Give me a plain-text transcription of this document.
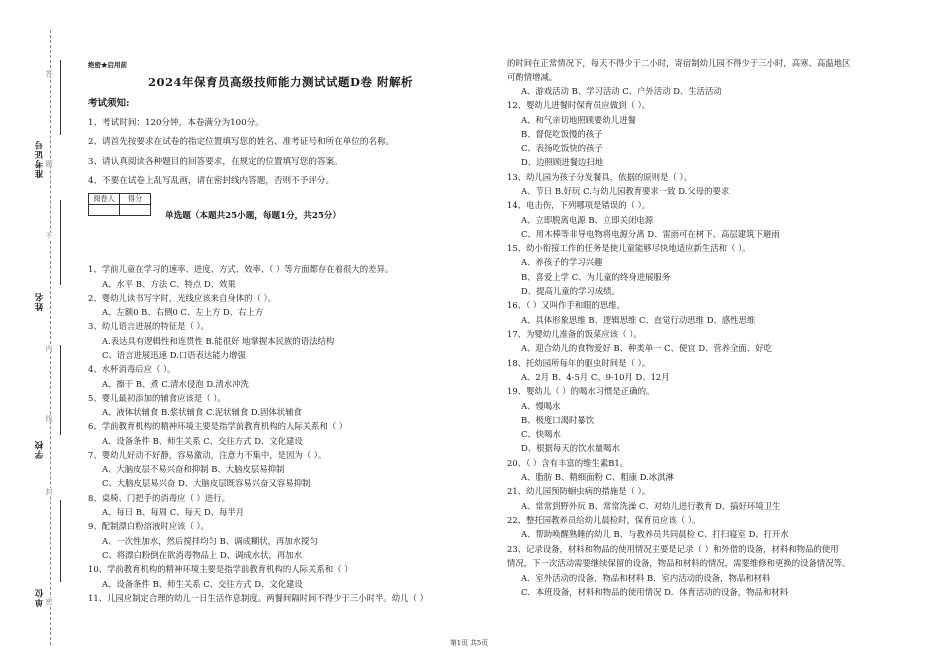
答
题
不
内
线
封
密
准考证号
姓名
学校
单位
绝密★启用前
2024年保育员高级技师能力测试试题D卷 附解析
考试须知:
1、考试时间：120分钟，本卷满分为100分。
2、请首先按要求在试卷的指定位置填写您的姓名、准考证号和所在单位的名称。
3、请认真阅读各种题目的回答要求，在规定的位置填写您的答案。
4、不要在试卷上乱写乱画，请在密封线内答题，否则不予评分。
阅卷人	得分

单选题（本题共25小题，每题1分，共25分）
1、学前儿童在学习的速率、进度、方式、效率、（ ）等方面都存在着很大的差异。
A、水平 B、方法 C、特点 D、效果
2、婴幼儿读书写字时，光线应该来自身体的（ ）。
A、左额0 B、右侧0 C、左上方 D、右上方
3、幼儿语言进展的特征是（ ）。
A.表达具有逻辑性和连贯性 B.能很好 地掌握本民族的语法结构
C、语言进展迅速 D.口语表达能力增强
4、水杯消毒后应（ ）。
A、擦干 B、煮 C.清水侵泡 D.清水冲洗
5、婴儿最初添加的辅食应该是（ ）。
A、液体状辅食 B.浆状辅食 C.泥状辅食 D.固体状辅食
6、学前教育机构的精神环境主要是指学前教育机构的人际关系和（ ）
A、设备条件 B、师生关系 C、交往方式 D、文化建设
7、婴幼儿好动不好静，容易激动，注意力不集中，是因为（ ）。
A、大脑皮层不易兴奋和抑制 B、大脑皮层易抑制
C、大脑皮层易兴奋 D、大脑皮层既容易兴奋又容易抑制
8、桌椅、门把手的消毒应（ ）进行。
A、每日 B、每周 C、每天 D、每半月
9、配制漂白粉溶液时应该（ ）。
A、一次性加水，然后搅拌均匀 B、调成糊状，再加水搅匀
C、将漂白粉倒在欲消毒物品上 D、调成水状，再加水
10、学前教育机构的精神环境主要是指学前教育机构的人际关系和（ ）
A、设备条件 B、师生关系 C、交往方式 D、文化建设
11、儿园应制定合理的幼儿一日生活作息制度。两餐间隔时间不得少于三小时半。幼儿（ ）
的时间在正常情况下，每天不得少于二小时，寄宿制幼儿园不得少于三小时，高寒、高温地区
可酌情增减。
A、游戏活动 B、学习活动 C、户外活动 D、生活活动
12、婴幼儿进餐时保育员应做到（ ）。
A、和气亲切地照顾要幼儿进餐
B、督促吃饭慢的孩子
C、表扬吃饭快的孩子
D、边照顾进餐边扫地
13、幼儿园为孩子分发餐具，依据的原则是（ ）。
A、节日 B.好玩 C.与幼儿园教育要求一致 D.父母的要求
14、电击伤，下列哪项是错误的（ ）。
A、立即脱离电源 B、立即关闭电源
C、用木棒等非导电物将电源分离 D、雷雨可在树下、高层建筑下避雨
15、幼小衔接工作的任务是使儿童能够尽快地适应新生活和（ ）。
A、养孩子的学习兴趣
B、喜爱上学 C、为儿童的终身进展服务
D、提高儿童的学习成绩。
16、（ ）又叫作手和眼的思维。
A、具体形象思维 B、逻辑思维 C、直觉行动思维 D、感性思维
17、为婴幼儿准备的饭菜应该（ ）。
A、迎合幼儿的食物爱好 B、种类单一 C、便宜 D、营养全面、好吃
18、托幼园所每年的驱虫时间是（ ）。
A、2月 B、4-5月 C、9-10月 D、12月
19、婴幼儿（ ）的喝水习惯是正确的。
A、慢喝水
B、极度口渴时暴饮
C、快喝水
D、根据每天的饮水量喝水
20、（ ）含有丰富的维生素B1。
A、脂肪 B、精细面粉 C、粗康 D.冰淇淋
21、幼儿园预防蛔虫病的措施是（ ）。
A、常常到野外玩 B、常常洗澡 C、对幼儿进行教育 D、搞好环境卫生
22、整托园教养员给幼儿晨检时，保育员应该（ ）。
A、帮助唤醒熟睡的幼儿 B、与教养员共同晨检 C、打扫寝室 D、打开水
23、记录设备，材料和物品的使用情况主要是记录（ ）和外借的设备，材料和物品的使用
情况，下一次活动需要继续保留的设备，物品和材料的情况，需要维修和更换的设备情况等。
A．室外活动的设备，物品和材料 B．室内活动的设备，物品和材料
C．本班设备，材料和物品的使用情况 D．体育活动的设备，物品和材料
第1页 共5页
